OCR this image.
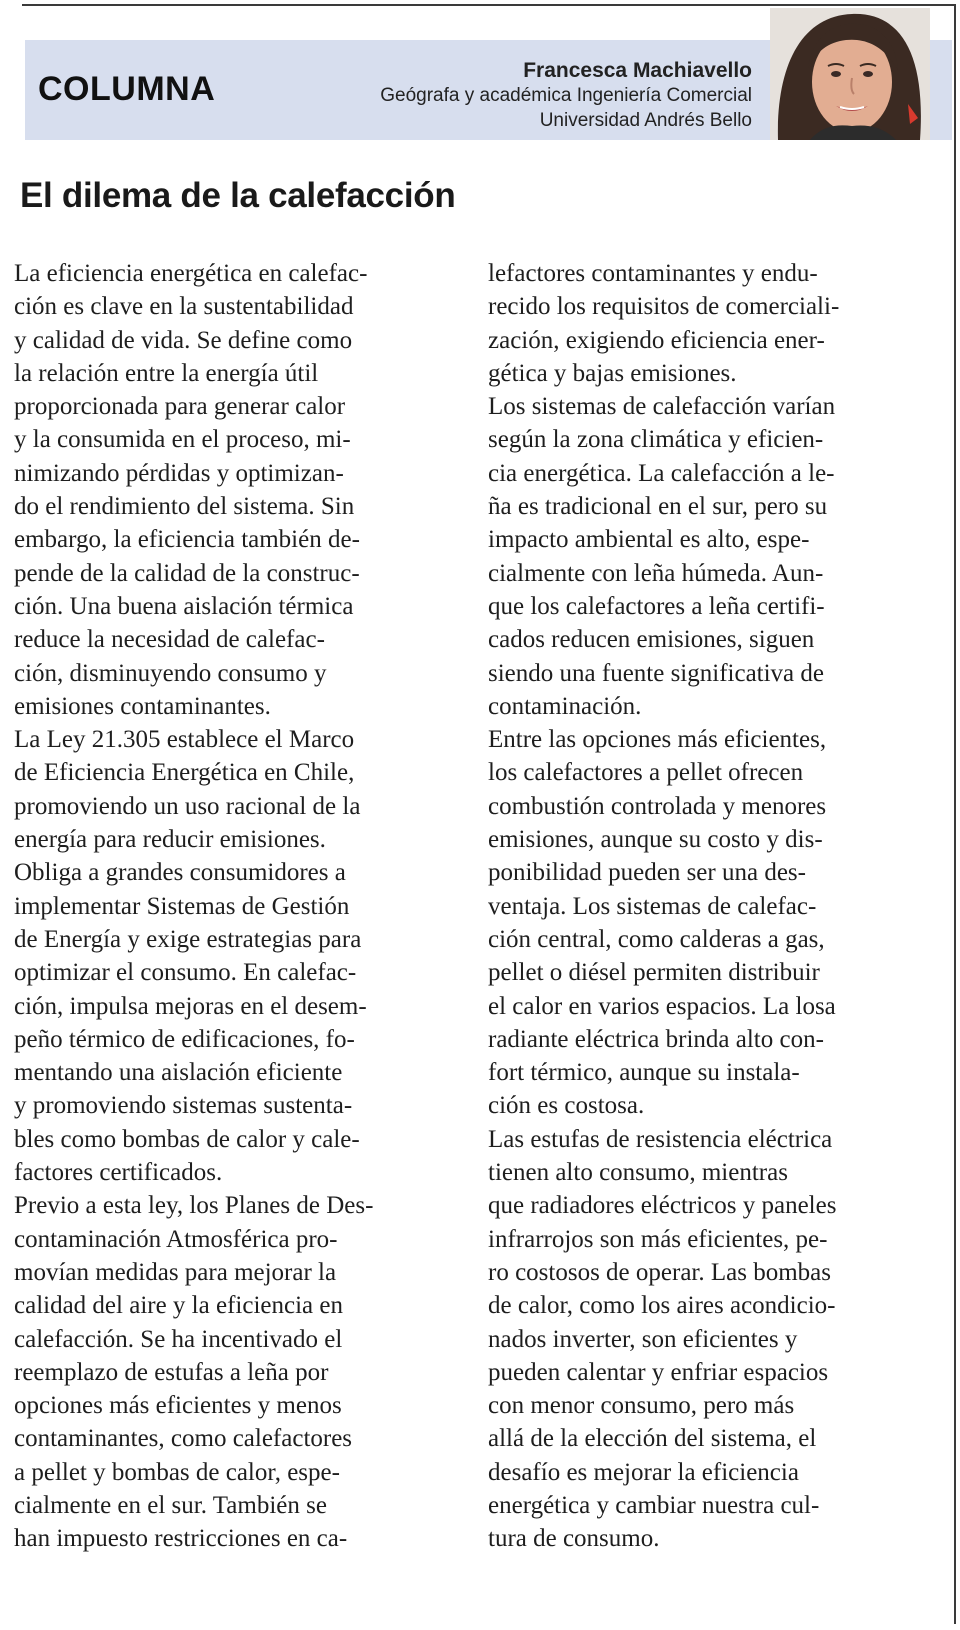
COLUMNA	Francesca Machiavello
Geógrafa y académica Ingeniería Comercial
Universidad Andrés Bello
El dilema de la calefacción

La eficiencia energética en calefac-
ción es clave en la sustentabilidad
y calidad de vida. Se define como
la relación entre la energía útil
proporcionada para generar calor
y la consumida en el proceso, mi-
nimizando pérdidas y optimizan-
do el rendimiento del sistema. Sin
embargo, la eficiencia también de-
pende de la calidad de la construc-
ción. Una buena aislación térmica
reduce la necesidad de calefac-
ción, disminuyendo consumo y
emisiones contaminantes.

La Ley 21.305 establece el Marco
de Eficiencia Energética en Chile,
promoviendo un uso racional de la
energía para reducir emisiones.
Obliga a grandes consumidores a
implementar Sistemas de Gestión
de Energía y exige estrategias para
optimizar el consumo. En calefac-
ción, impulsa mejoras en el desem-
peño térmico de edificaciones, fo-
mentando una aislación eficiente
y promoviendo sistemas sustenta-
bles como bombas de calor y cale-
factores certificados.

Previo a esta ley, los Planes de Des-
contaminación Atmosférica pro-
movían medidas para mejorar la
calidad del aire y la eficiencia en
calefacción. Se ha incentivado el
reemplazo de estufas a leña por
opciones más eficientes y menos
contaminantes, como calefactores
a pellet y bombas de calor, espe-
cialmente en el sur. También se
han impuesto restricciones en ca-

lefactores contaminantes y endu-
recido los requisitos de comerciali-
zación, exigiendo eficiencia ener-
gética y bajas emisiones.

Los sistemas de calefacción varían
según la zona climática y eficien-
cia energética. La calefacción a le-
ña es tradicional en el sur, pero su
impacto ambiental es alto, espe-
cialmente con leña húmeda. Aun-
que los calefactores a leña certifi-
cados reducen emisiones, siguen
siendo una fuente significativa de
contaminación.

Entre las opciones más eficientes,
los calefactores a pellet ofrecen
combustión controlada y menores
emisiones, aunque su costo y dis-
ponibilidad pueden ser una des-
ventaja. Los sistemas de calefac-
ción central, como calderas a gas,
pellet o diésel permiten distribuir
el calor en varios espacios. La losa
radiante eléctrica brinda alto con-
fort térmico, aunque su instala-
ción es costosa.

Las estufas de resistencia eléctrica
tienen alto consumo, mientras
que radiadores eléctricos y paneles
infrarrojos son más eficientes, pe-
ro costosos de operar. Las bombas
de calor, como los aires acondicio-
nados inverter, son eficientes y
pueden calentar y enfriar espacios
con menor consumo, pero más
allá de la elección del sistema, el
desafío es mejorar la eficiencia
energética y cambiar nuestra cul-
tura de consumo.
